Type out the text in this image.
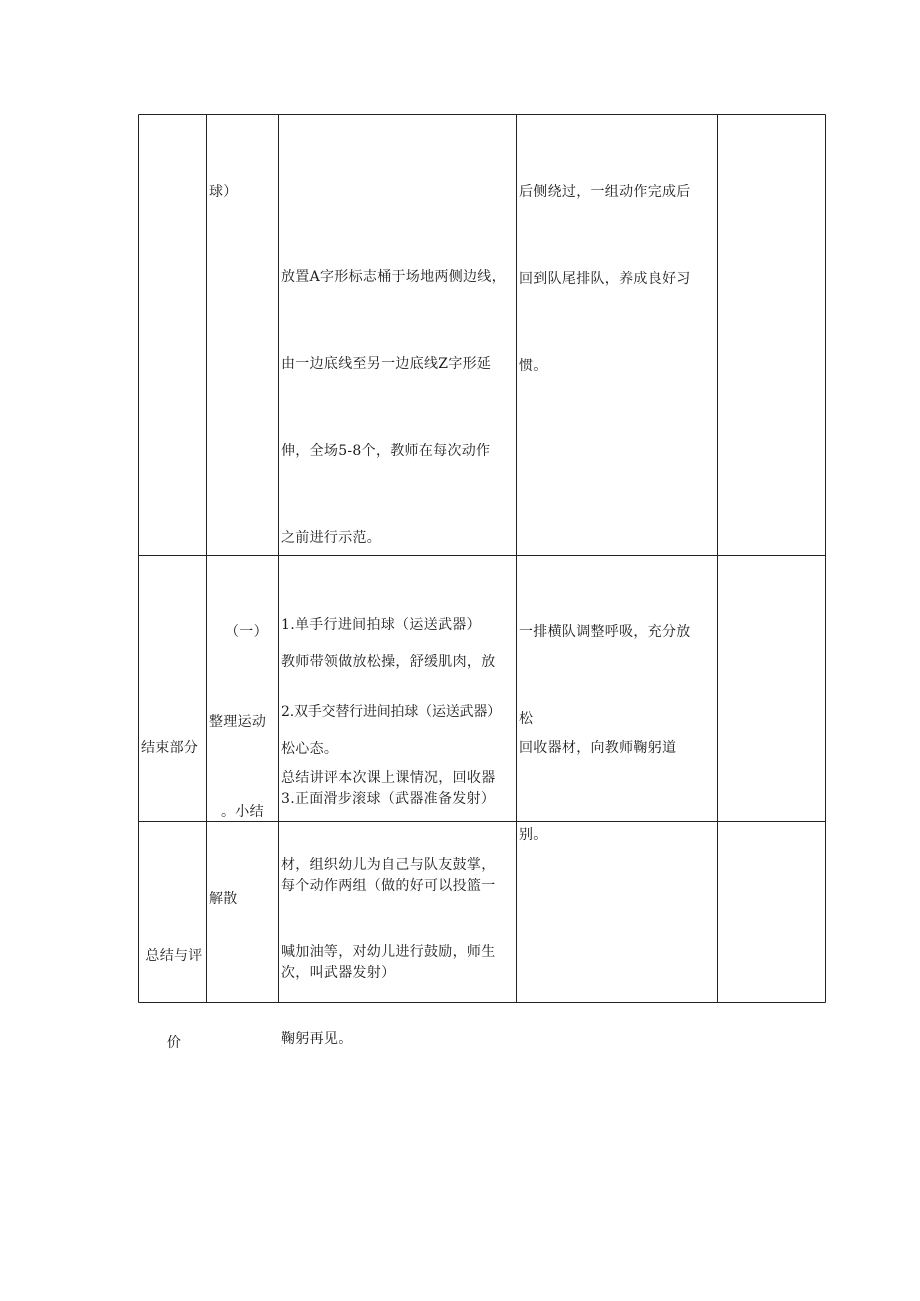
球）

放置A字形标志桶于场地两侧边线，

由一边底线至另一边底线Z字形延

伸，全场5-8个，教师在每次动作

之前进行示范。

1.单手行进间拍球（运送武器）

2.双手交替行进间拍球（运送武器）

3.正面滑步滚球（武器准备发射）

每个动作两组（做的好可以投篮一

次，叫武器发射）

后侧绕过，一组动作完成后

回到队尾排队，养成良好习

惯。

结束部分

（一）

整理运动

。小结

解散

教师带领做放松操，舒缓肌肉，放

松心态。

总结讲评本次课上课情况，回收器

材，组织幼儿为自己与队友鼓掌，

喊加油等，对幼儿进行鼓励，师生

鞠躬再见。

一排横队调整呼吸，充分放

松

回收器材，向教师鞠躬道

别。

总结与评

价
